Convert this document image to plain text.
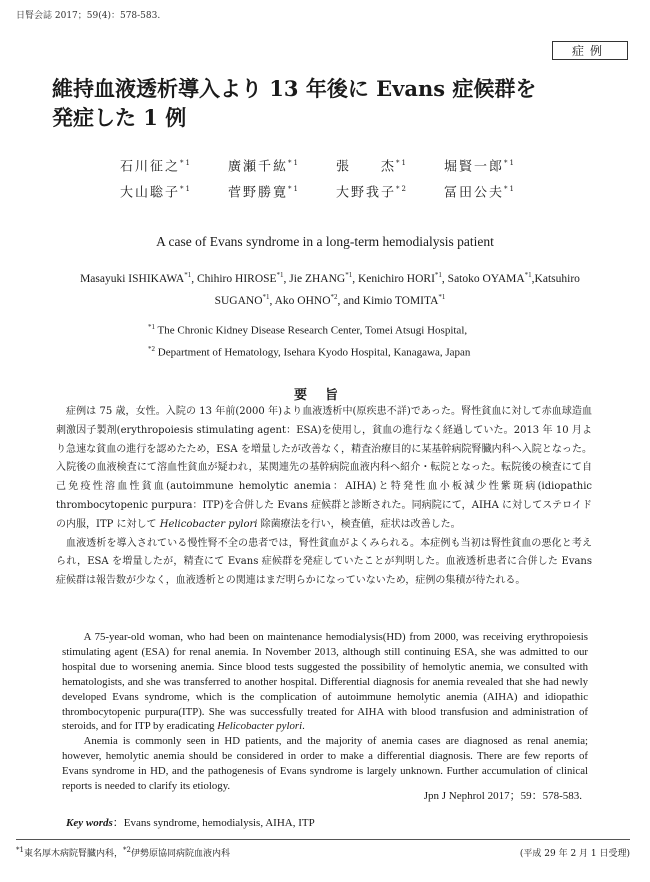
日腎会誌 2017；59(4)：578-583.
症例
維持血液透析導入より 13 年後に Evans 症候群を
発症した 1 例
石川征之$^{*1}$	廣瀬千紘$^{*1}$	張　　杰$^{*1}$	堀賢一郎$^{*1}$
大山聡子$^{*1}$	菅野勝寛$^{*1}$	大野我子$^{*2}$	冨田公夫$^{*1}$
A case of Evans syndrome in a long-term hemodialysis patient
Masayuki ISHIKAWA$^{*1}$, Chihiro HIROSE$^{*1}$, Jie ZHANG$^{*1}$, Kenichiro HORI$^{*1}$, Satoko OYAMA$^{*1}$,Katsuhiro SUGANO$^{*1}$, Ako OHNO$^{*2}$, and Kimio TOMITA$^{*1}$
$^{*1}$ The Chronic Kidney Disease Research Center, Tomei Atsugi Hospital,
$^{*2}$ Department of Hematology, Isehara Kyodo Hospital, Kanagawa, Japan
要旨

症例は 75 歳，女性。入院の 13 年前(2000 年)より血液透析中(原疾患不詳)であった。腎性貧血に対して赤血球造血刺激因子製剤(erythropoiesis stimulating agent：ESA)を使用し，貧血の進行なく経過していた。2013 年 10 月より急速な貧血の進行を認めたため，ESA を増量したが改善なく，精査治療目的に某基幹病院腎臓内科へ入院となった。入院後の血液検査にて溶血性貧血が疑われ，某関連先の基幹病院血液内科へ紹介・転院となった。転院後の検査にて自己免疫性溶血性貧血(autoimmune hemolytic anemia：AIHA)と特発性血小板減少性紫斑病(idiopathic thrombocytopenic purpura：ITP)を合併した Evans 症候群と診断された。同病院にて，AIHA に対してステロイドの内服，ITP に対して Helicobacter pylori 除菌療法を行い，検査値，症状は改善した。

血液透析を導入されている慢性腎不全の患者では，腎性貧血がよくみられる。本症例も当初は腎性貧血の悪化と考えられ，ESA を増量したが，精査にて Evans 症候群を発症していたことが判明した。血液透析患者に合併した Evans 症候群は報告数が少なく，血液透析との関連はまだ明らかになっていないため，症例の集積が待たれる。

A 75-year-old woman, who had been on maintenance hemodialysis(HD) from 2000, was receiving erythropoiesis stimulating agent (ESA) for renal anemia. In November 2013, although still continuing ESA, she was admitted to our hospital due to worsening anemia. Since blood tests suggested the possibility of hemolytic anemia, we consulted with hematologists, and she was transferred to another hospital. Differential diagnosis for anemia revealed that she had newly developed Evans syndrome, which is the complication of autoimmune hemolytic anemia (AIHA) and idiopathic thrombocytopenic purpura(ITP). She was successfully treated for AIHA with blood transfusion and administration of steroids, and for ITP by eradicating Helicobacter pylori.

Anemia is commonly seen in HD patients, and the majority of anemia cases are diagnosed as renal anemia; however, hemolytic anemia should be considered in order to make a differential diagnosis. There are few reports of Evans syndrome in HD, and the pathogenesis of Evans syndrome is largely unknown. Further accumulation of clinical reports is needed to clarify its etiology.

Jpn J Nephrol 2017；59：578-583.
Key words：Evans syndrome, hemodialysis, AIHA, ITP
$^{*1}$東名厚木病院腎臓内科，$^{*2}$伊勢原協同病院血液内科	(平成 29 年 2 月 1 日受理)
